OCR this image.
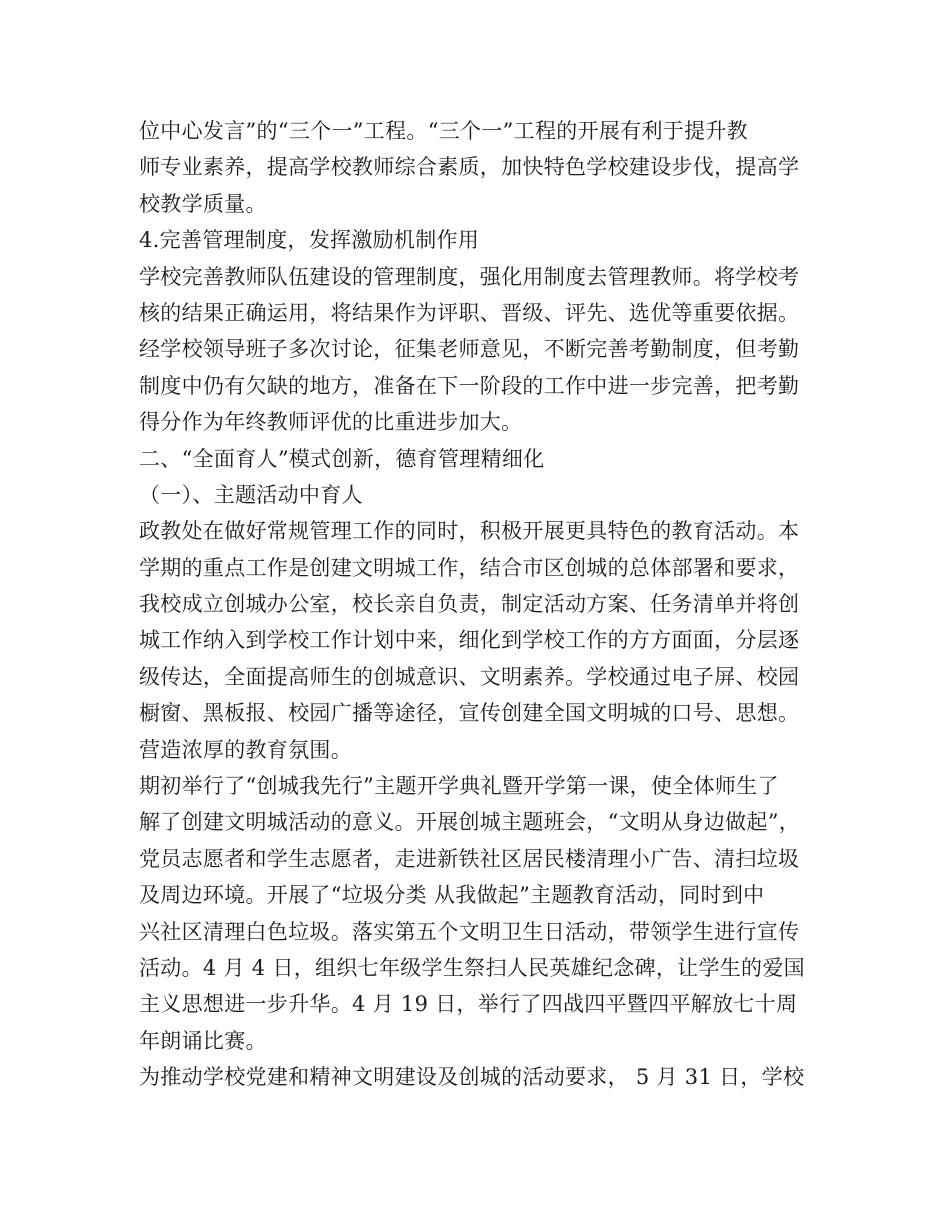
位中心发言”的“三个一”工程。“三个一”工程的开展有利于提升教
师专业素养，提高学校教师综合素质，加快特色学校建设步伐，提高学
校教学质量。
4.完善管理制度，发挥激励机制作用
学校完善教师队伍建设的管理制度，强化用制度去管理教师。将学校考
核的结果正确运用，将结果作为评职、晋级、评先、选优等重要依据。
经学校领导班子多次讨论，征集老师意见，不断完善考勤制度，但考勤
制度中仍有欠缺的地方，准备在下一阶段的工作中进一步完善，把考勤
得分作为年终教师评优的比重进步加大。
二、“全面育人”模式创新，德育管理精细化
（一）、主题活动中育人
政教处在做好常规管理工作的同时，积极开展更具特色的教育活动。本
学期的重点工作是创建文明城工作，结合市区创城的总体部署和要求，
我校成立创城办公室，校长亲自负责，制定活动方案、任务清单并将创
城工作纳入到学校工作计划中来，细化到学校工作的方方面面，分层逐
级传达，全面提高师生的创城意识、文明素养。学校通过电子屏、校园
橱窗、黑板报、校园广播等途径，宣传创建全国文明城的口号、思想。
营造浓厚的教育氛围。
期初举行了“创城我先行”主题开学典礼暨开学第一课，使全体师生了
解了创建文明城活动的意义。开展创城主题班会，“文明从身边做起”，
党员志愿者和学生志愿者，走进新铁社区居民楼清理小广告、清扫垃圾
及周边环境。开展了“垃圾分类 从我做起”主题教育活动，同时到中
兴社区清理白色垃圾。落实第五个文明卫生日活动，带领学生进行宣传
活动。4 月 4 日，组织七年级学生祭扫人民英雄纪念碑，让学生的爱国
主义思想进一步升华。4 月 19 日，举行了四战四平暨四平解放七十周
年朗诵比赛。
为推动学校党建和精神文明建设及创城的活动要求， 5 月 31 日，学校
